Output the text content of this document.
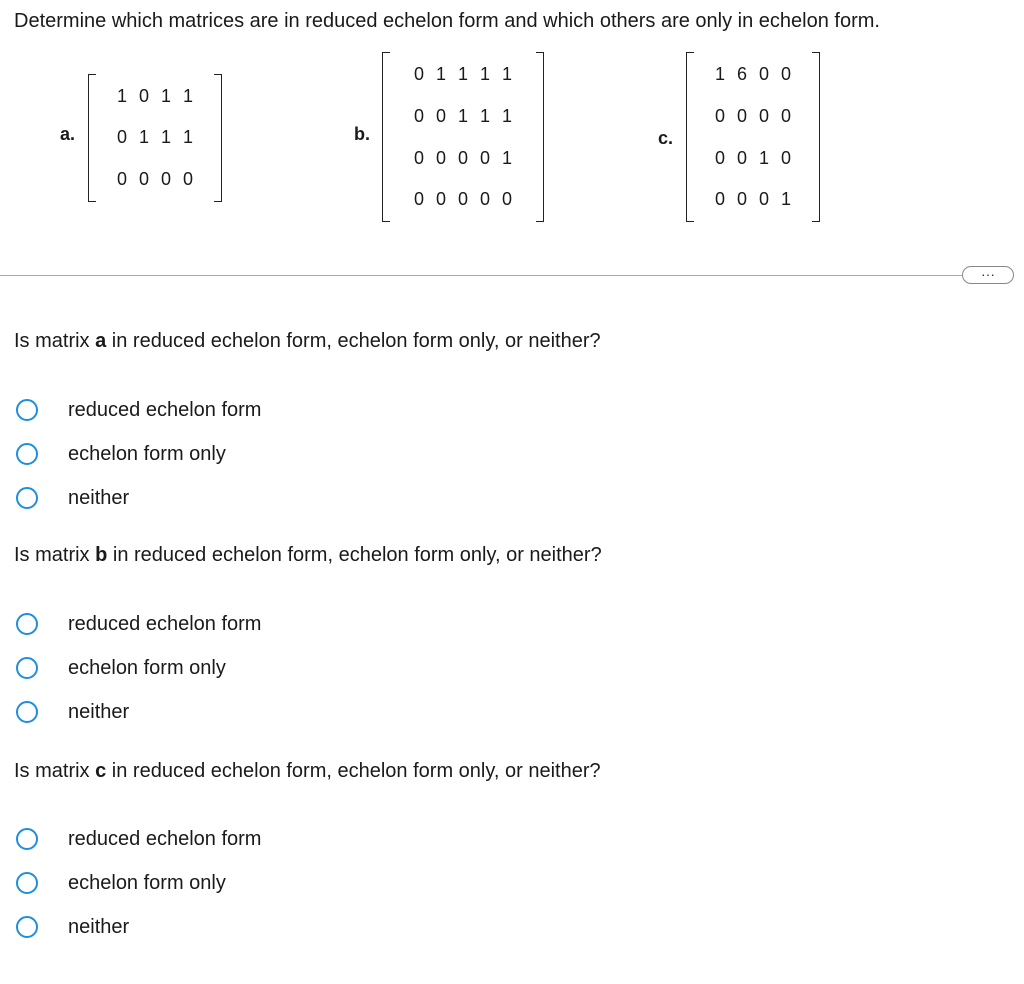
Determine which matrices are in reduced echelon form and which others are only in echelon form.
a.
1 0 1 1
0 1 1 1
0 0 0 0
b.
0 1 1 1 1
0 0 1 1 1
0 0 0 0 1
0 0 0 0 0
c.
1 6 0 0
0 0 0 0
0 0 1 0
0 0 0 1
···
Is matrix a in reduced echelon form, echelon form only, or neither?
reduced echelon form
echelon form only
neither
Is matrix b in reduced echelon form, echelon form only, or neither?
reduced echelon form
echelon form only
neither
Is matrix c in reduced echelon form, echelon form only, or neither?
reduced echelon form
echelon form only
neither
